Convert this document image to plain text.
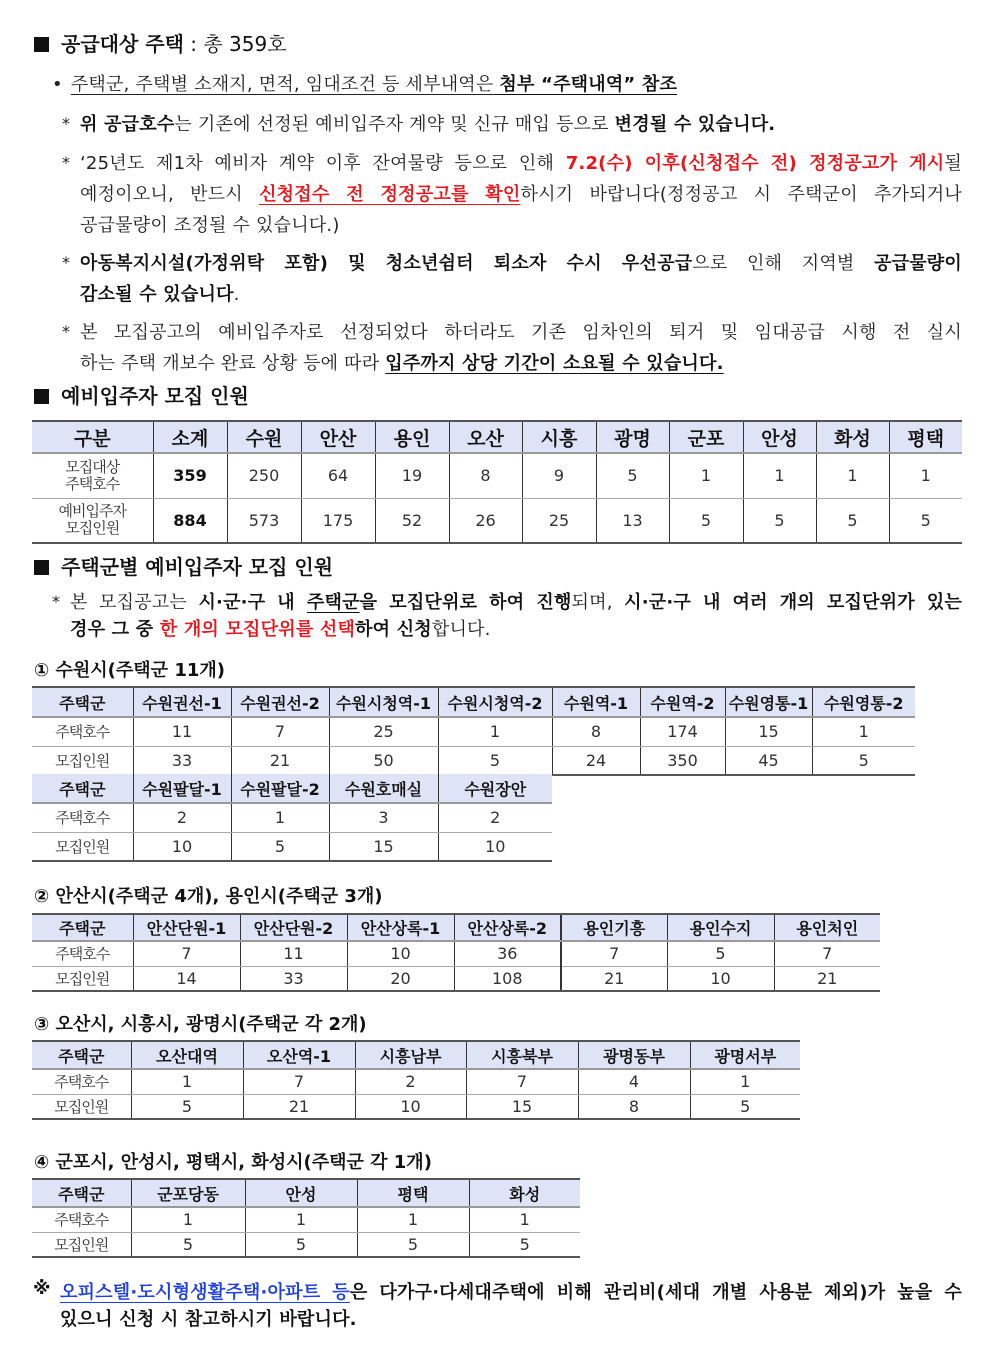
공급대상 주택 : 총 359호
• 주택군, 주택별 소재지, 면적, 임대조건 등 세부내역은 첨부 “주택내역” 참조
* 위 공급호수는 기존에 선정된 예비입주자 계약 및 신규 매입 등으로 변경될 수 있습니다.
* ‘25년도 제1차 예비자 계약 이후 잔여물량 등으로 인해 7.2(수) 이후(신청접수 전) 정정공고가 게시될
예정이오니, 반드시 신청접수 전 정정공고를 확인하시기 바랍니다(정정공고 시 주택군이 추가되거나
공급물량이 조정될 수 있습니다.)
* 아동복지시설(가정위탁 포함) 및 청소년쉼터 퇴소자 수시 우선공급으로 인해 지역별 공급물량이
감소될 수 있습니다.
* 본 모집공고의 예비입주자로 선정되었다 하더라도 기존 임차인의 퇴거 및 임대공급 시행 전 실시
하는 주택 개보수 완료 상황 등에 따라 입주까지 상당 기간이 소요될 수 있습니다.
예비입주자 모집 인원
구분	소계	수원	안산	용인	오산	시흥	광명	군포	안성	화성	평택
모집대상
주택호수	359	250	64	19	8	9	5	1	1	1	1
예비입주자
모집인원	884	573	175	52	26	25	13	5	5	5	5
주택군별 예비입주자 모집 인원
* 본 모집공고는 시·군·구 내 주택군을 모집단위로 하여 진행되며, 시·군·구 내 여러 개의 모집단위가 있는
경우 그 중 한 개의 모집단위를 선택하여 신청합니다.
① 수원시(주택군 11개)
주택군	수원권선-1	수원권선-2	수원시청역-1	수원시청역-2	수원역-1	수원역-2	수원영통-1	수원영통-2
주택호수	11	7	25	1	8	174	15	1
모집인원	33	21	50	5	24	350	45	5
주택군	수원팔달-1	수원팔달-2	수원호매실	수원장안
주택호수	2	1	3	2
모집인원	10	5	15	10
② 안산시(주택군 4개), 용인시(주택군 3개)
주택군	안산단원-1	안산단원-2	안산상록-1	안산상록-2	용인기흥	용인수지	용인처인
주택호수	7	11	10	36	7	5	7
모집인원	14	33	20	108	21	10	21
③ 오산시, 시흥시, 광명시(주택군 각 2개)
주택군	오산대역	오산역-1	시흥남부	시흥북부	광명동부	광명서부
주택호수	1	7	2	7	4	1
모집인원	5	21	10	15	8	5
④ 군포시, 안성시, 평택시, 화성시(주택군 각 1개)
주택군	군포당동	안성	평택	화성
주택호수	1	1	1	1
모집인원	5	5	5	5
※ 오피스텔·도시형생활주택·아파트 등은 다가구·다세대주택에 비해 관리비(세대 개별 사용분 제외)가 높을 수
있으니 신청 시 참고하시기 바랍니다.
